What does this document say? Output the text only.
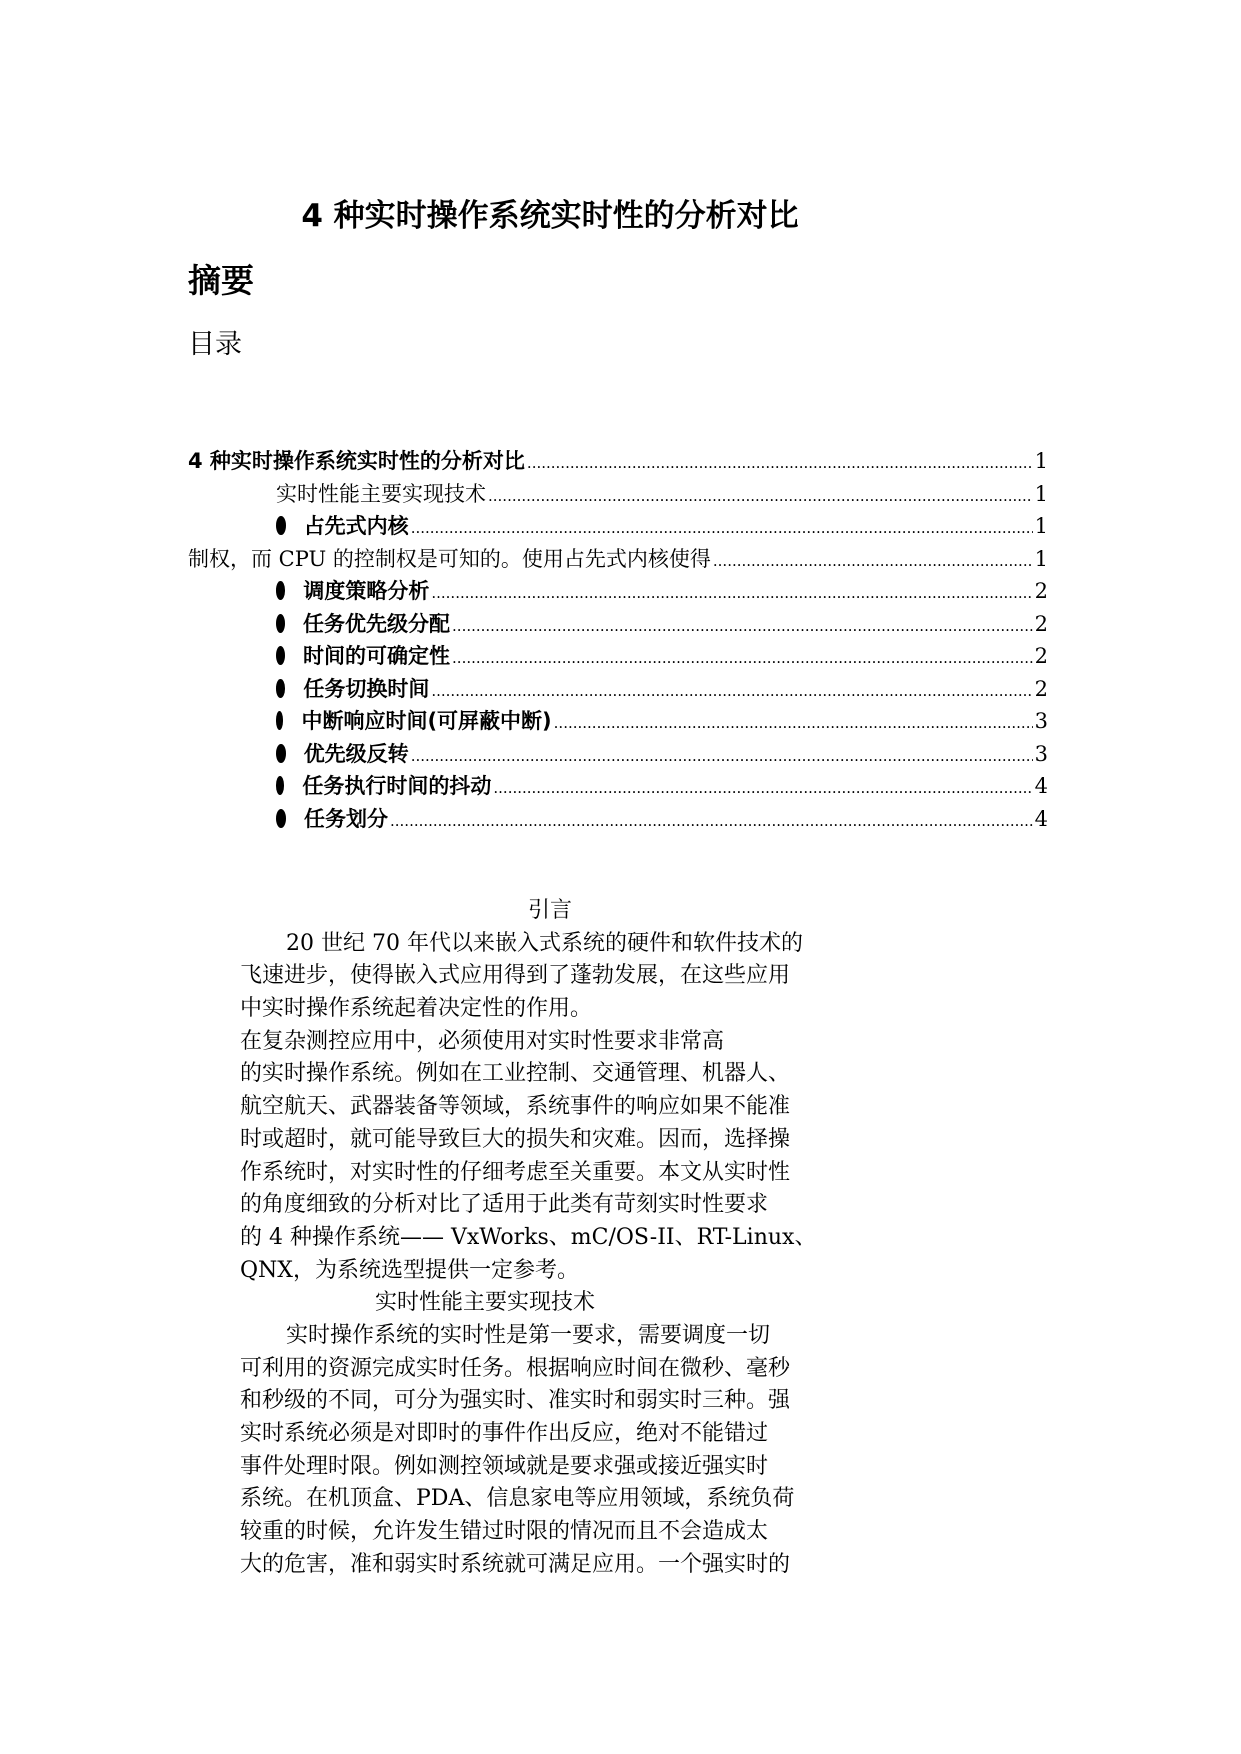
4 种实时操作系统实时性的分析对比
摘要
目录
4 种实时操作系统实时性的分析对比 .....	1
实时性能主要实现技术 .....	1
占先式内核 .....	1
制权，而 CPU 的控制权是可知的。使用占先式内核使得 .....	1
调度策略分析 .....	2
任务优先级分配 .....	2
时间的可确定性 .....	2
任务切换时间 .....	2
中断响应时间(可屏蔽中断) .....	3
优先级反转 .....	3
任务执行时间的抖动 .....	4
任务划分 .....	4
引言
20 世纪 70 年代以来嵌入式系统的硬件和软件技术的
飞速进步，使得嵌入式应用得到了蓬勃发展，在这些应用
中实时操作系统起着决定性的作用。
在复杂测控应用中，必须使用对实时性要求非常高
的实时操作系统。例如在工业控制、交通管理、机器人、
航空航天、武器装备等领域，系统事件的响应如果不能准
时或超时，就可能导致巨大的损失和灾难。因而，选择操
作系统时，对实时性的仔细考虑至关重要。本文从实时性
的角度细致的分析对比了适用于此类有苛刻实时性要求
的 4 种操作系统—— VxWorks、mC/OS-II、RT-Linux、
QNX，为系统选型提供一定参考。
实时性能主要实现技术
实时操作系统的实时性是第一要求，需要调度一切
可利用的资源完成实时任务。根据响应时间在微秒、毫秒
和秒级的不同，可分为强实时、准实时和弱实时三种。强
实时系统必须是对即时的事件作出反应，绝对不能错过
事件处理时限。例如测控领域就是要求强或接近强实时
系统。在机顶盒、PDA、信息家电等应用领域，系统负荷
较重的时候，允许发生错过时限的情况而且不会造成太
大的危害，准和弱实时系统就可满足应用。一个强实时的
